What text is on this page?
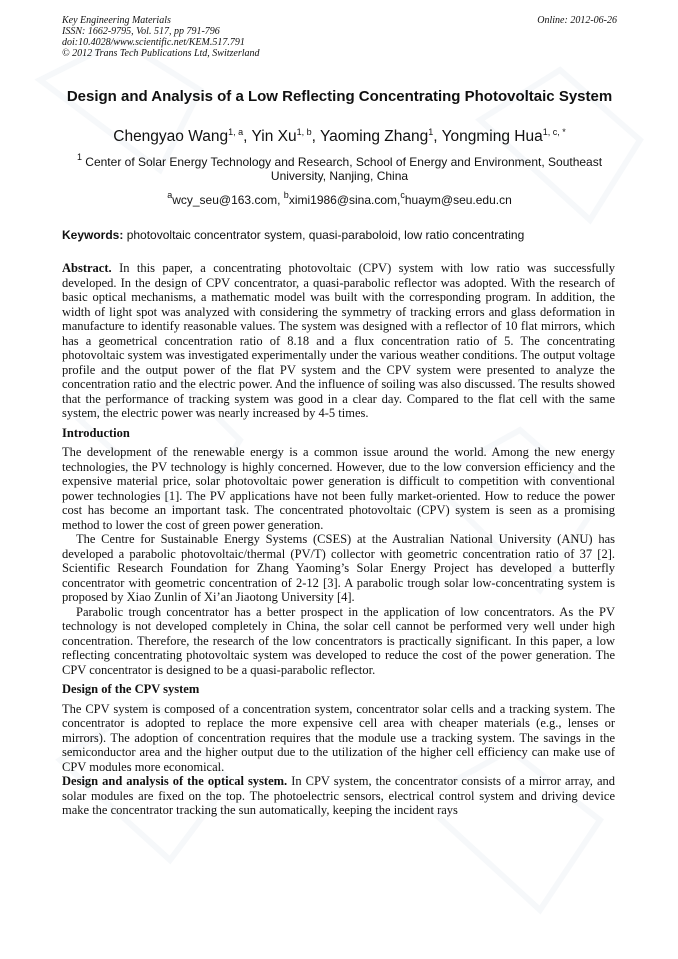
Key Engineering Materials
ISSN: 1662-9795, Vol. 517, pp 791-796
doi:10.4028/www.scientific.net/KEM.517.791
© 2012 Trans Tech Publications Ltd, Switzerland
Online: 2012-06-26
Design and Analysis of a Low Reflecting Concentrating Photovoltaic System
Chengyao Wang$^{1, a}$, Yin Xu$^{1, b}$, Yaoming Zhang$^1$, Yongming Hua$^{1, c, *}$
$^1$ Center of Solar Energy Technology and Research, School of Energy and Environment, Southeast University, Nanjing, China
$^a$wcy_seu@163.com, $^b$ximi1986@sina.com,$^c$huaym@seu.edu.cn
Keywords: photovoltaic concentrator system, quasi-paraboloid, low ratio concentrating

Abstract. In this paper, a concentrating photovoltaic (CPV) system with low ratio was successfully developed. In the design of CPV concentrator, a quasi-parabolic reflector was adopted. With the research of basic optical mechanisms, a mathematic model was built with the corresponding program. In addition, the width of light spot was analyzed with considering the symmetry of tracking errors and glass deformation in manufacture to identify reasonable values. The system was designed with a reflector of 10 flat mirrors, which has a geometrical concentration ratio of 8.18 and a flux concentration ratio of 5. The concentrating photovoltaic system was investigated experimentally under the various weather conditions. The output voltage profile and the output power of the flat PV system and the CPV system were presented to analyze the concentration ratio and the electric power. And the influence of soiling was also discussed. The results showed that the performance of tracking system was good in a clear day. Compared to the flat cell with the same system, the electric power was nearly increased by 4-5 times.

Introduction

The development of the renewable energy is a common issue around the world. Among the new energy technologies, the PV technology is highly concerned. However, due to the low conversion efficiency and the expensive material price, solar photovoltaic power generation is difficult to competition with conventional power technologies [1]. The PV applications have not been fully market-oriented. How to reduce the power cost has become an important task. The concentrated photovoltaic (CPV) system is seen as a promising method to lower the cost of green power generation.

The Centre for Sustainable Energy Systems (CSES) at the Australian National University (ANU) has developed a parabolic photovoltaic/thermal (PV/T) collector with geometric concentration ratio of 37 [2]. Scientific Research Foundation for Zhang Yaoming’s Solar Energy Project has developed a butterfly concentrator with geometric concentration of 2-12 [3]. A parabolic trough solar low-concentrating system is proposed by Xiao Zunlin of Xi’an Jiaotong University [4].

Parabolic trough concentrator has a better prospect in the application of low concentrators. As the PV technology is not developed completely in China, the solar cell cannot be performed very well under high concentration. Therefore, the research of the low concentrators is practically significant. In this paper, a low reflecting concentrating photovoltaic system was developed to reduce the cost of the power generation. The CPV concentrator is designed to be a quasi-parabolic reflector.

Design of the CPV system

The CPV system is composed of a concentration system, concentrator solar cells and a tracking system. The concentrator is adopted to replace the more expensive cell area with cheaper materials (e.g., lenses or mirrors). The adoption of concentration requires that the module use a tracking system. The savings in the semiconductor area and the higher output due to the utilization of the higher cell efficiency can make use of CPV modules more economical.

Design and analysis of the optical system. In CPV system, the concentrator consists of a mirror array, and solar modules are fixed on the top. The photoelectric sensors, electrical control system and driving device make the concentrator tracking the sun automatically, keeping the incident rays
